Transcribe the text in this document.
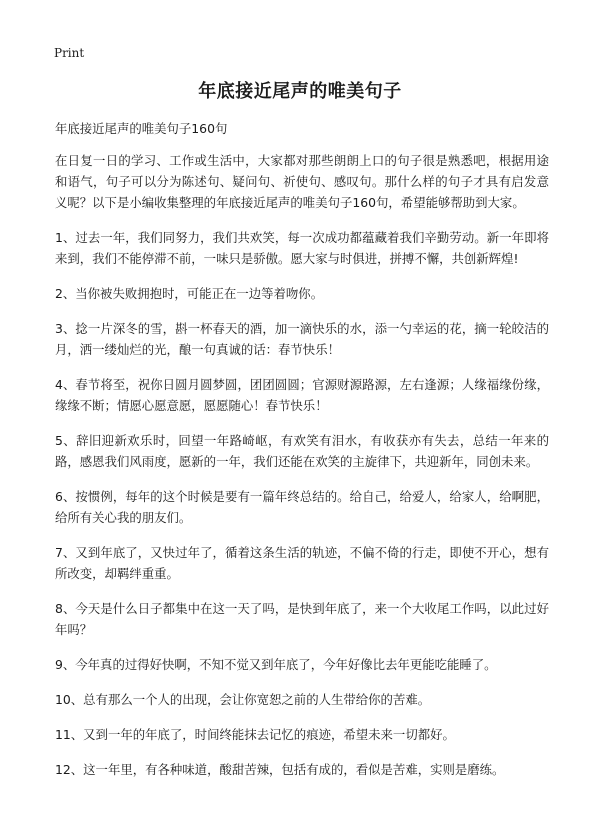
Print
年底接近尾声的唯美句子

年底接近尾声的唯美句子160句

在日复一日的学习、工作或生活中，大家都对那些朗朗上口的句子很是熟悉吧，根据用途和语气，句子可以分为陈述句、疑问句、祈使句、感叹句。那什么样的句子才具有启发意义呢？以下是小编收集整理的年底接近尾声的唯美句子160句，希望能够帮助到大家。

1、过去一年，我们同努力，我们共欢笑，每一次成功都蕴藏着我们辛勤劳动。新一年即将来到，我们不能停滞不前，一味只是骄傲。愿大家与时俱进，拼搏不懈，共创新辉煌!

2、当你被失败拥抱时，可能正在一边等着吻你。

3、捻一片深冬的雪，斟一杯春天的酒，加一滴快乐的水，添一勺幸运的花，摘一轮皎洁的月，洒一缕灿烂的光，酿一句真诚的话：春节快乐！

4、春节将至，祝你日圆月圆梦圆，团团圆圆；官源财源路源，左右逢源；人缘福缘份缘，缘缘不断；情愿心愿意愿，愿愿随心！春节快乐！

5、辞旧迎新欢乐时，回望一年路崎岖，有欢笑有泪水，有收获亦有失去，总结一年来的路，感恩我们风雨度，愿新的一年，我们还能在欢笑的主旋律下，共迎新年，同创未来。

6、按惯例，每年的这个时候是要有一篇年终总结的。给自己，给爱人，给家人，给啊肥，给所有关心我的朋友们。

7、又到年底了，又快过年了，循着这条生活的轨迹，不偏不倚的行走，即使不开心，想有所改变，却羁绊重重。

8、今天是什么日子都集中在这一天了吗，是快到年底了，来一个大收尾工作吗，以此过好年吗？

9、今年真的过得好快啊，不知不觉又到年底了，今年好像比去年更能吃能睡了。

10、总有那么一个人的出现，会让你宽恕之前的人生带给你的苦难。

11、又到一年的年底了，时间终能抹去记忆的痕迹，希望未来一切都好。

12、这一年里，有各种味道，酸甜苦辣，包括有成的，看似是苦难，实则是磨练。
